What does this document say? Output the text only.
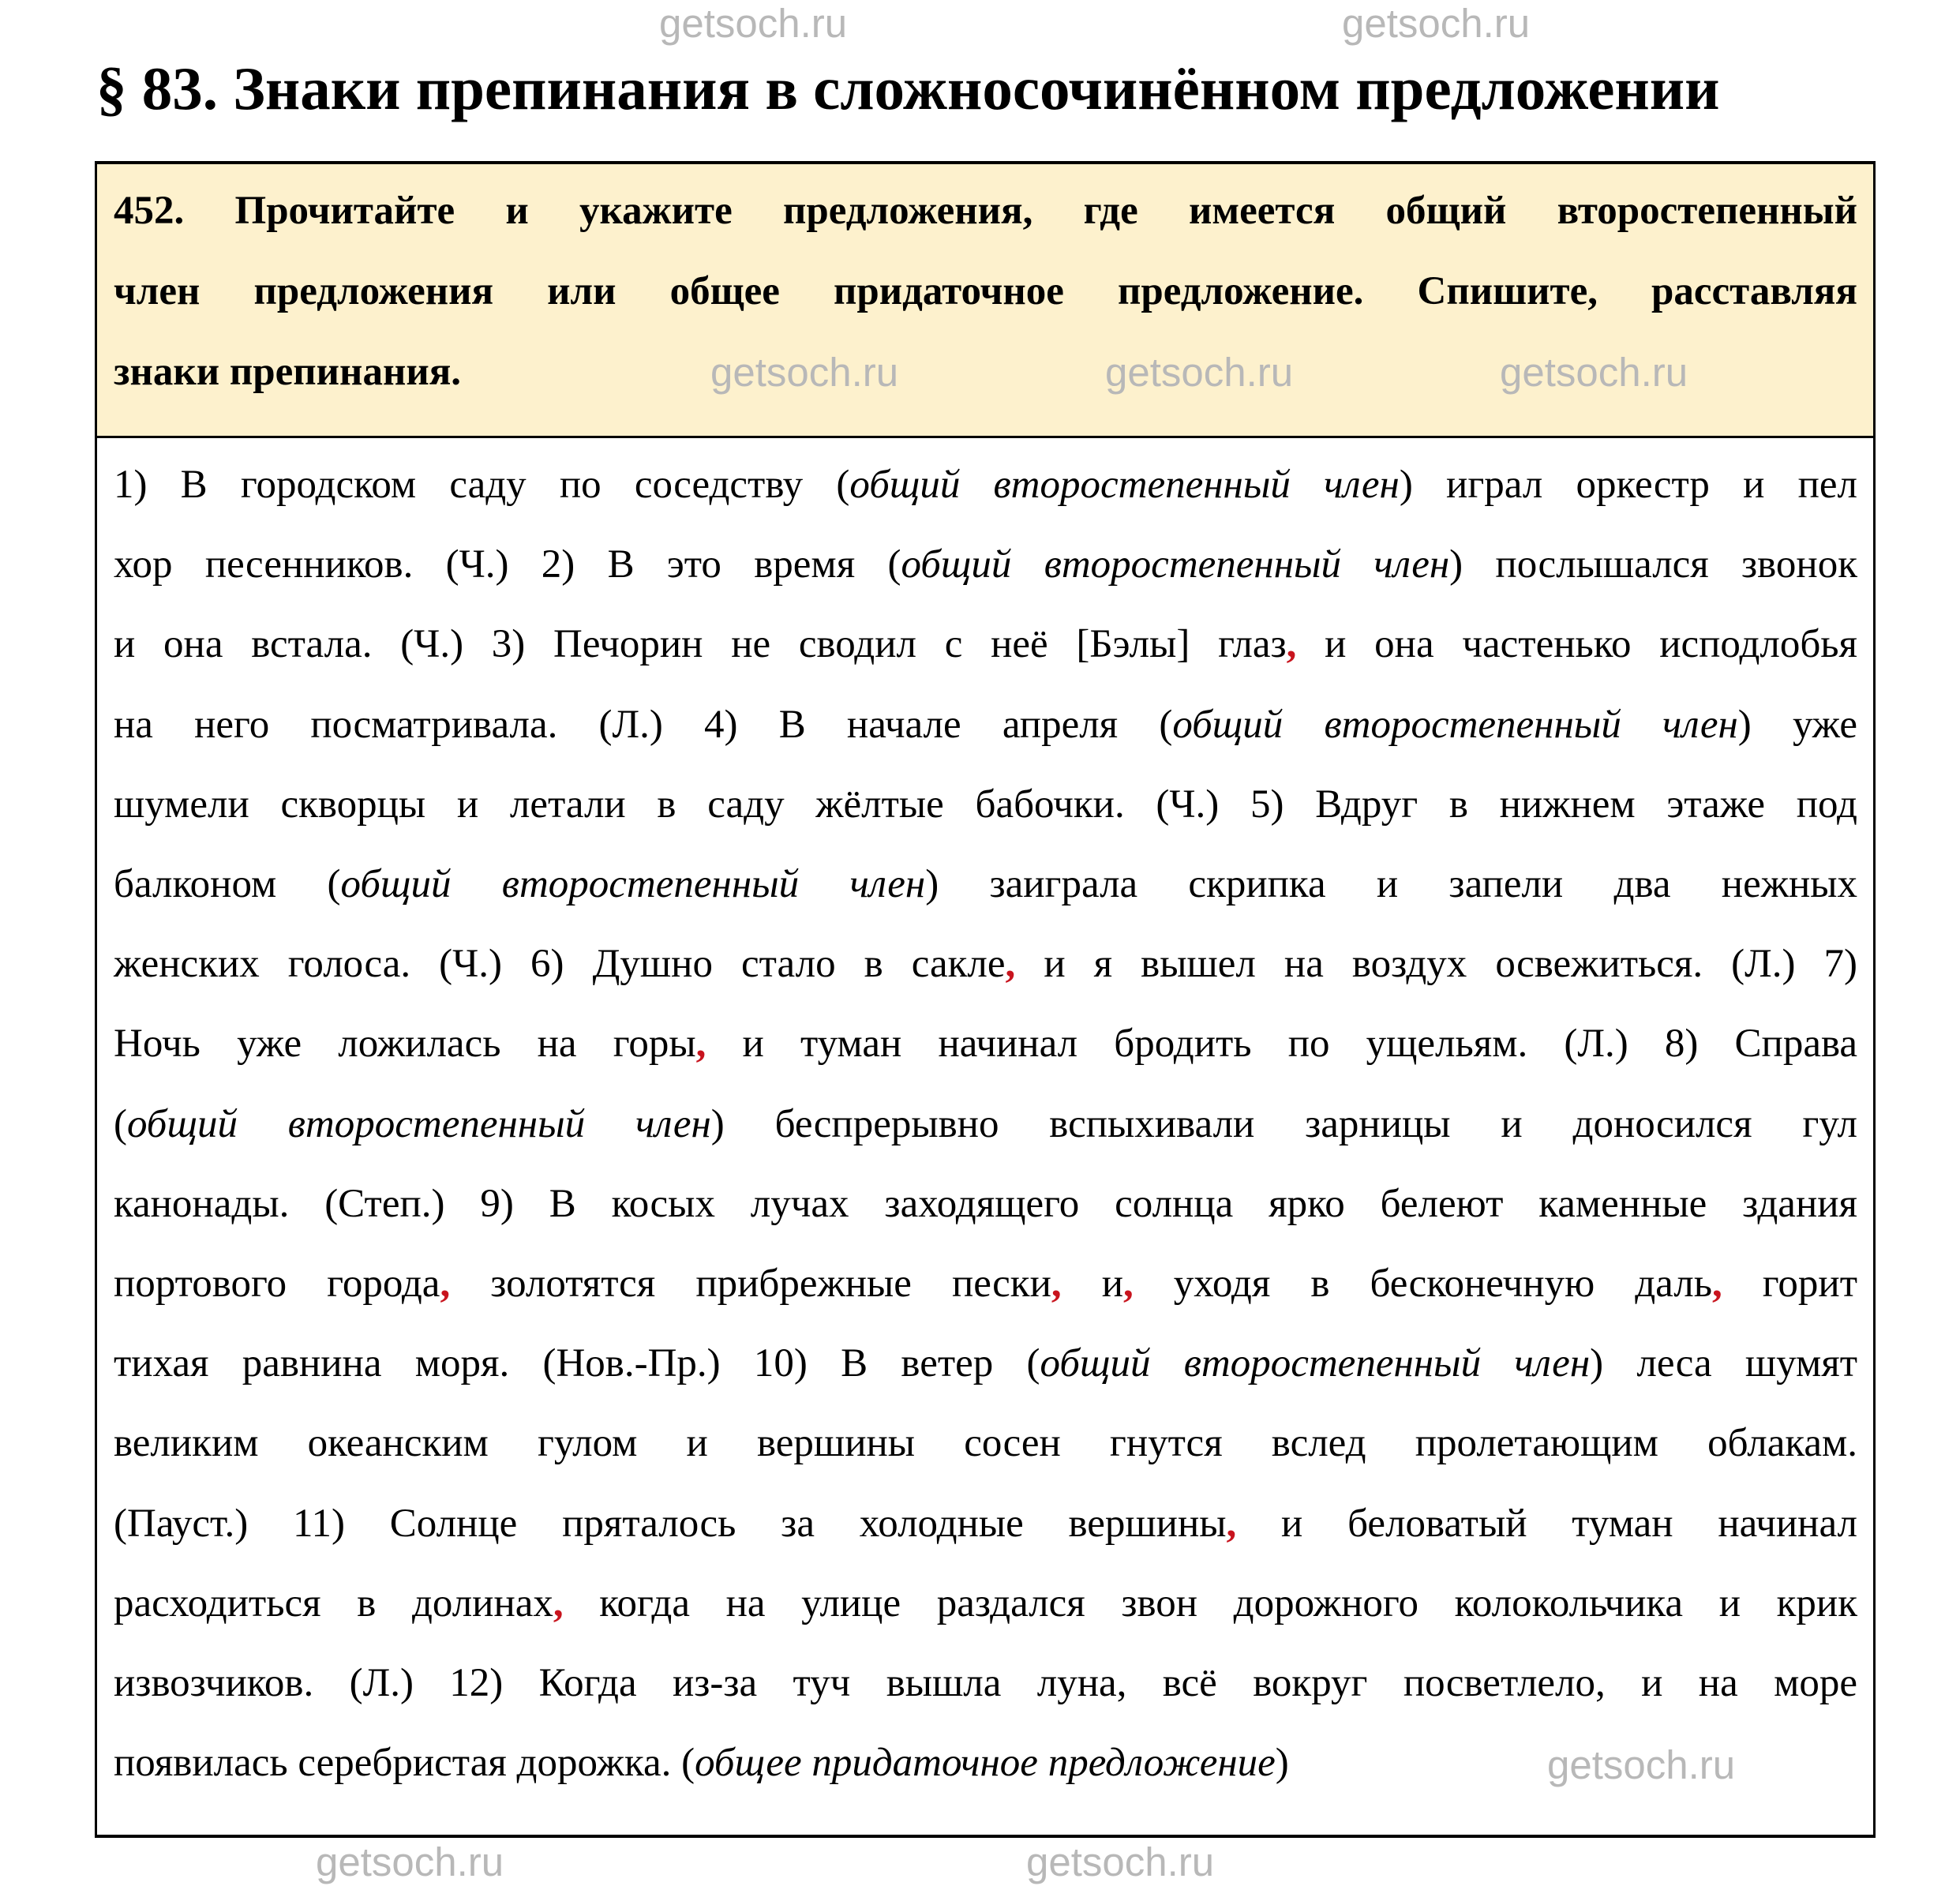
§ 83. Знаки препинания в сложносочинённом предложении
452. Прочитайте и укажите предложения, где имеется общий второстепенный
член предложения или общее придаточное предложение. Спишите, расставляя
знаки препинания.
1) В городском саду по соседству (общий второстепенный член) играл оркестр и пел
хор песенников. (Ч.) 2) В это время (общий второстепенный член) послышался звонок
и она встала. (Ч.) 3) Печорин не сводил с неё [Бэлы] глаз, и она частенько исподлобья
на него посматривала. (Л.) 4) В начале апреля (общий второстепенный член) уже
шумели скворцы и летали в саду жёлтые бабочки. (Ч.) 5) Вдруг в нижнем этаже под
балконом (общий второстепенный член) заиграла скрипка и запели два нежных
женских голоса. (Ч.) 6) Душно стало в сакле, и я вышел на воздух освежиться. (Л.) 7)
Ночь уже ложилась на горы, и туман начинал бродить по ущельям. (Л.) 8) Справа
(общий второстепенный член) беспрерывно вспыхивали зарницы и доносился гул
канонады. (Степ.) 9) В косых лучах заходящего солнца ярко белеют каменные здания
портового города, золотятся прибрежные пески, и, уходя в бесконечную даль, горит
тихая равнина моря. (Нов.-Пр.) 10) В ветер (общий второстепенный член) леса шумят
великим океанским гулом и вершины сосен гнутся вслед пролетающим облакам.
(Пауст.) 11) Солнце пряталось за холодные вершины, и беловатый туман начинал
расходиться в долинах, когда на улице раздался звон дорожного колокольчика и крик
извозчиков. (Л.) 12) Когда из-за туч вышла луна, всё вокруг посветлело, и на море
появилась серебристая дорожка. (общее придаточное предложение)
getsoch.ru	getsoch.ru
getsoch.ru	getsoch.ru	getsoch.ru
getsoch.ru
getsoch.ru	getsoch.ru
